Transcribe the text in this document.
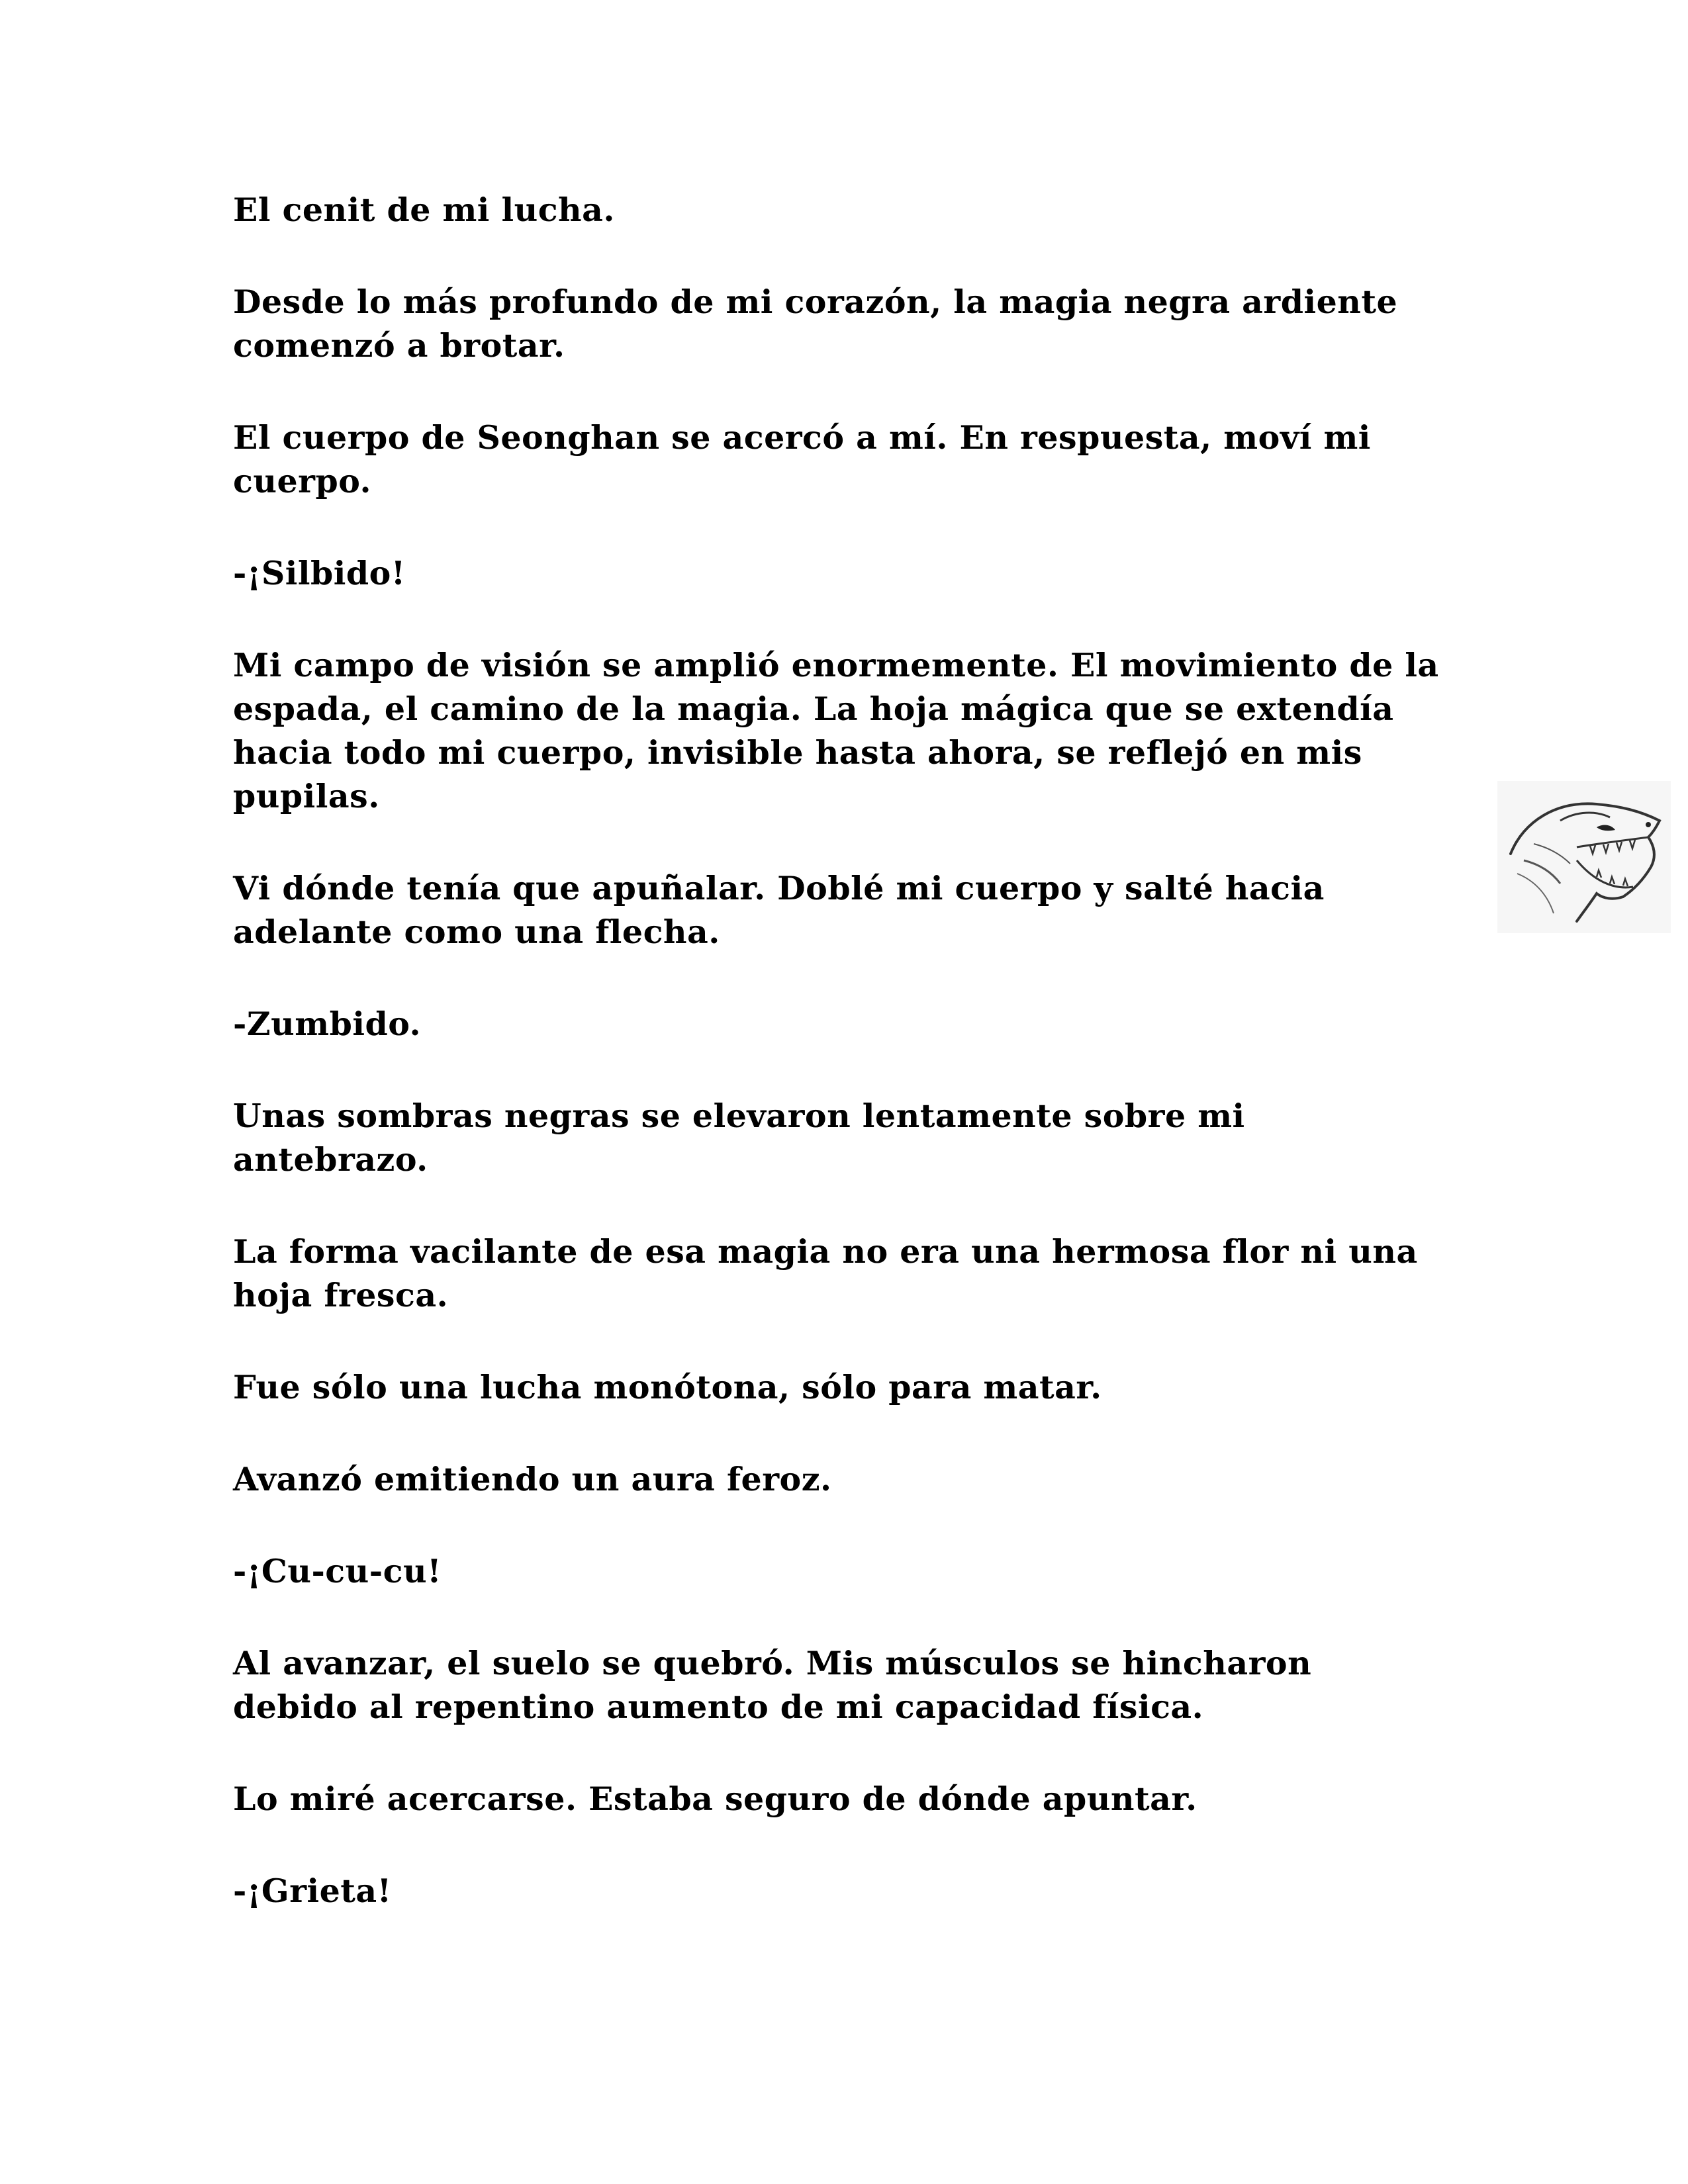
El cenit de mi lucha.

Desde lo más profundo de mi corazón, la magia negra ardiente comenzó a brotar.

El cuerpo de Seonghan se acercó a mí. En respuesta, moví mi cuerpo.

-¡Silbido!

Mi campo de visión se amplió enormemente. El movimiento de la espada, el camino de la magia. La hoja mágica que se extendía hacia todo mi cuerpo, invisible hasta ahora, se reflejó en mis pupilas.

Vi dónde tenía que apuñalar. Doblé mi cuerpo y salté hacia adelante como una flecha.

-Zumbido.

Unas sombras negras se elevaron lentamente sobre mi antebrazo.

La forma vacilante de esa magia no era una hermosa flor ni una hoja fresca.

Fue sólo una lucha monótona, sólo para matar.

Avanzó emitiendo un aura feroz.

-¡Cu-cu-cu!

Al avanzar, el suelo se quebró. Mis músculos se hincharon debido al repentino aumento de mi capacidad física.

Lo miré acercarse. Estaba seguro de dónde apuntar.

-¡Grieta!
